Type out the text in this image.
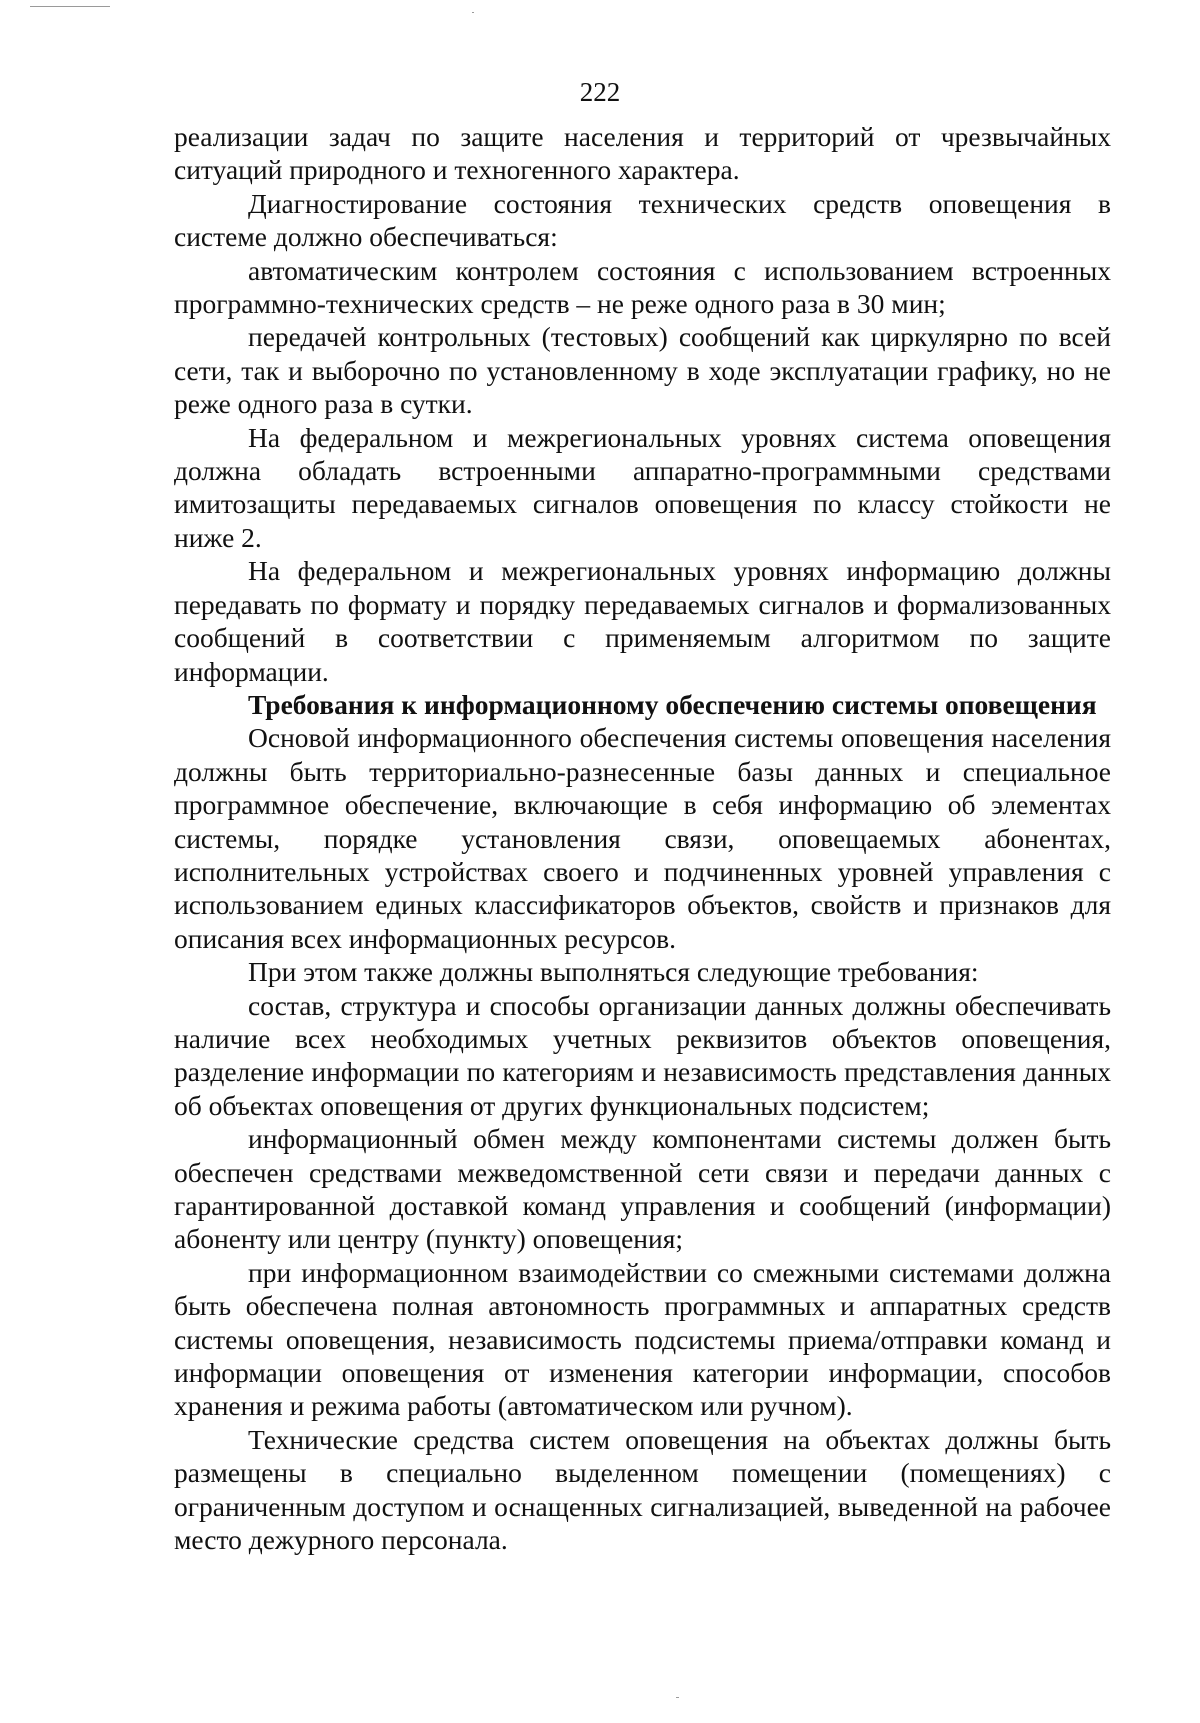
222

реализации задач по защите населения и территорий от чрезвычайных ситуаций природного и техногенного характера.

Диагностирование состояния технических средств оповещения в системе должно обеспечиваться:

автоматическим контролем состояния с использованием встроенных программно-технических средств – не реже одного раза в 30 мин;

передачей контрольных (тестовых) сообщений как циркулярно по всей сети, так и выборочно по установленному в ходе эксплуатации графику, но не реже одного раза в сутки.

На федеральном и межрегиональных уровнях система оповещения должна обладать встроенными аппаратно-программными средствами имитозащиты передаваемых сигналов оповещения по классу стойкости не ниже 2.

На федеральном и межрегиональных уровнях информацию должны передавать по формату и порядку передаваемых сигналов и формализованных сообщений в соответствии с применяемым алгоритмом по защите информации.

Требования к информационному обеспечению системы оповещения

Основой информационного обеспечения системы оповещения населения должны быть территориально-разнесенные базы данных и специальное программное обеспечение, включающие в себя информацию об элементах системы, порядке установления связи, оповещаемых абонентах, исполнительных устройствах своего и подчиненных уровней управления с использованием единых классификаторов объектов, свойств и признаков для описания всех информационных ресурсов.

При этом также должны выполняться следующие требования:

состав, структура и способы организации данных должны обеспечивать наличие всех необходимых учетных реквизитов объектов оповещения, разделение информации по категориям и независимость представления данных об объектах оповещения от других функциональных подсистем;

информационный обмен между компонентами системы должен быть обеспечен средствами межведомственной сети связи и передачи данных с гарантированной доставкой команд управления и сообщений (информации) абоненту или центру (пункту) оповещения;

при информационном взаимодействии со смежными системами должна быть обеспечена полная автономность программных и аппаратных средств системы оповещения, независимость подсистемы приема/отправки команд и информации оповещения от изменения категории информации, способов хранения и режима работы (автоматическом или ручном).

Технические средства систем оповещения на объектах должны быть размещены в специально выделенном помещении (помещениях) с ограниченным доступом и оснащенных сигнализацией, выведенной на рабочее место дежурного персонала.
